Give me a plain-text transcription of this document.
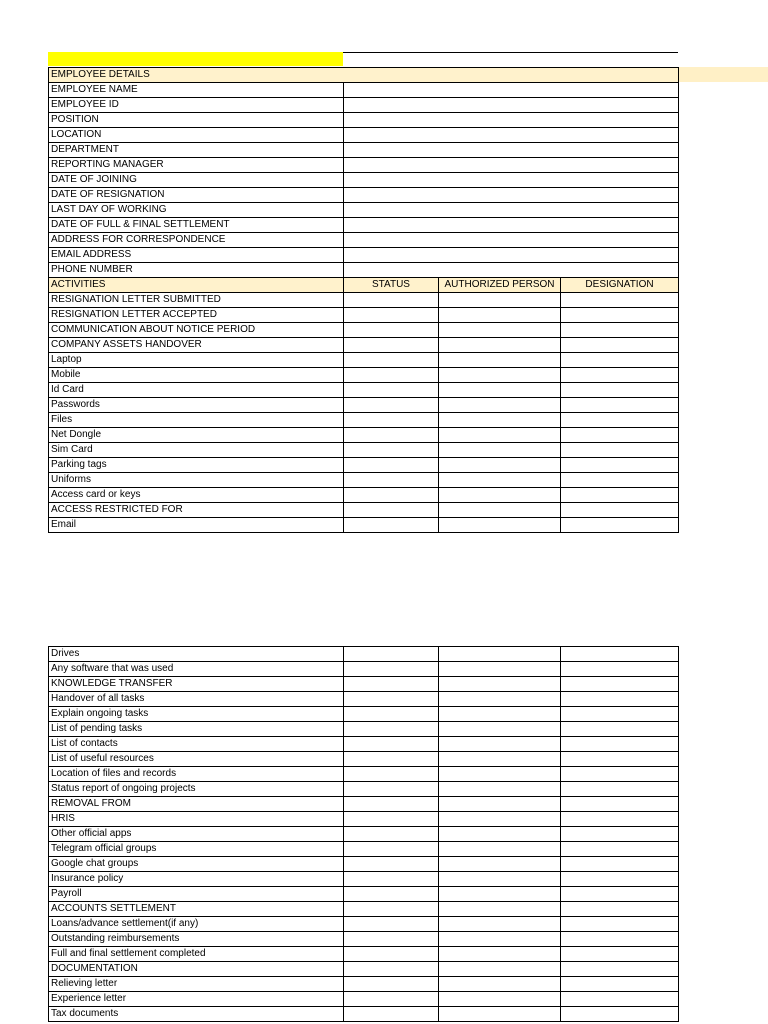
EMPLOYEE DETAILS			
EMPLOYEE NAME			
EMPLOYEE ID			
POSITION			
LOCATION			
DEPARTMENT			
REPORTING MANAGER			
DATE OF JOINING			
DATE OF RESIGNATION			
LAST DAY OF WORKING			
DATE OF FULL & FINAL SETTLEMENT			
ADDRESS FOR CORRESPONDENCE			
EMAIL ADDRESS			
PHONE NUMBER			
ACTIVITIES	STATUS	AUTHORIZED PERSON	DESIGNATION
RESIGNATION LETTER SUBMITTED			
RESIGNATION LETTER ACCEPTED			
COMMUNICATION ABOUT NOTICE PERIOD			
COMPANY ASSETS HANDOVER			
Laptop			
Mobile			
Id Card			
Passwords			
Files			
Net Dongle			
Sim Card			
Parking tags			
Uniforms			
Access card or keys			
ACCESS RESTRICTED FOR			
Email			
Drives			
Any software that was used			
KNOWLEDGE TRANSFER			
Handover of all tasks			
Explain ongoing tasks			
List of pending tasks			
List of contacts			
List of useful resources			
Location of files and records			
Status report of ongoing projects			
REMOVAL FROM			
HRIS			
Other official apps			
Telegram official groups			
Google chat groups			
Insurance policy			
Payroll			
ACCOUNTS SETTLEMENT			
Loans/advance settlement(if any)			
Outstanding reimbursements			
Full and final settlement completed			
DOCUMENTATION			
Relieving letter			
Experience letter			
Tax documents			
